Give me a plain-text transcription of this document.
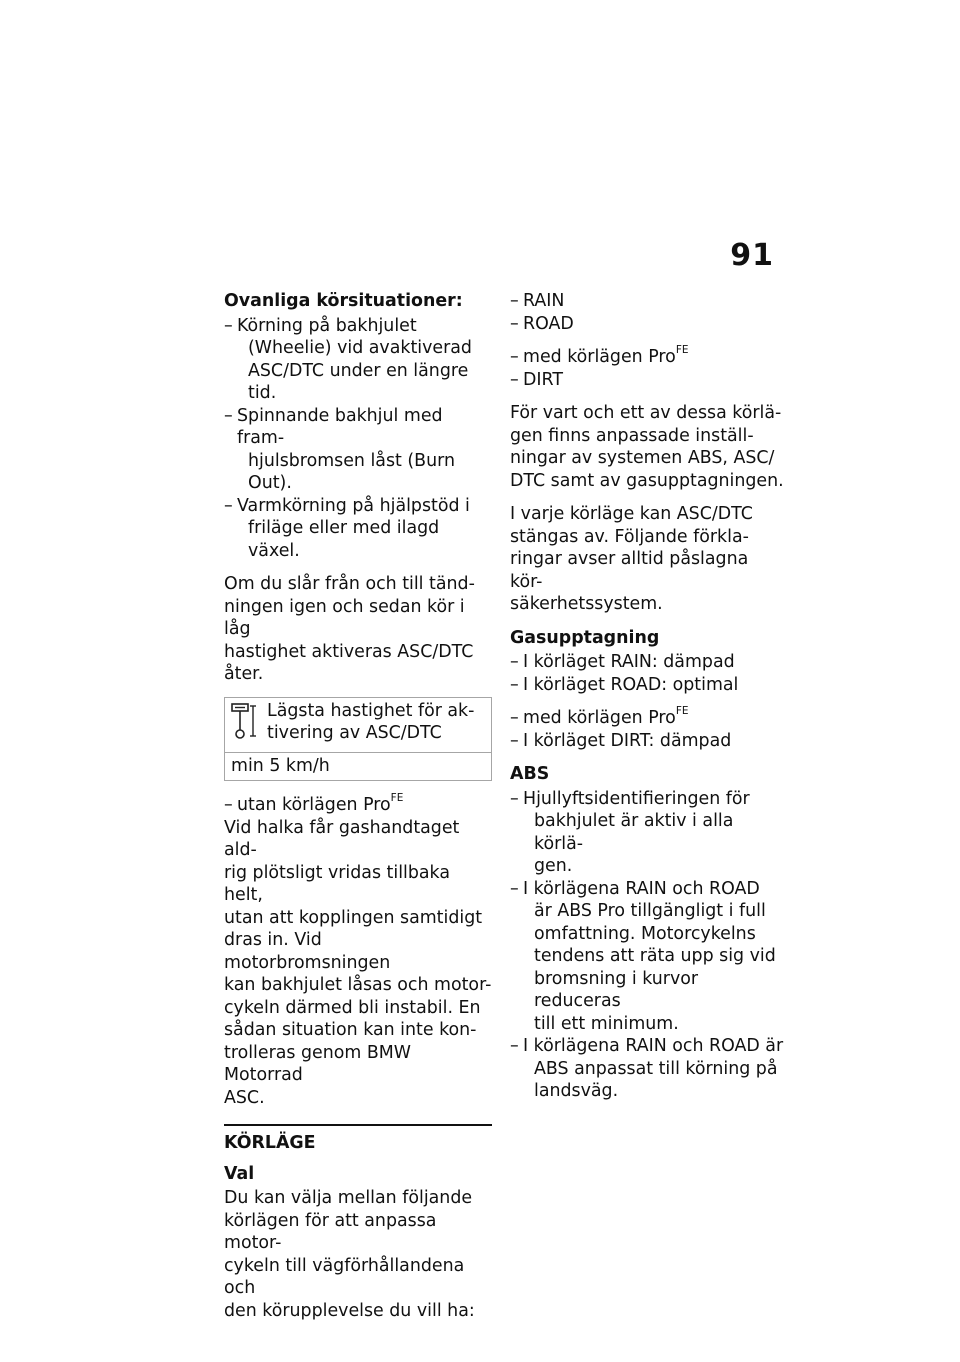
91
Ovanliga körsituationer:
– Körning på bakhjulet
(Wheelie) vid avaktiverad
ASC/DTC under en längre tid.
– Spinnande bakhjul med fram-
hjulsbromsen låst (Burn Out).
– Varmkörning på hjälpstöd i
friläge eller med ilagd växel.

Om du slår från och till tänd-
ningen igen och sedan kör i låg
hastighet aktiveras ASC/DTC
åter.

Lägsta hastighet för ak-
tivering av ASC/DTC
min 5 km/h
– utan körlägen Pro$^{FE}$

Vid halka får gashandtaget ald-
rig plötsligt vridas tillbaka helt,
utan att kopplingen samtidigt
dras in. Vid motorbromsningen
kan bakhjulet låsas och motor-
cykeln därmed bli instabil. En
sådan situation kan inte kon-
trolleras genom BMW Motorrad
ASC.

KÖRLÄGE
Val

Du kan välja mellan följande
körlägen för att anpassa motor-
cykeln till vägförhållandena och
den körupplevelse du vill ha:

– RAIN
– ROAD
– med körlägen Pro$^{FE}$
– DIRT

För vart och ett av dessa körlä-
gen finns anpassade inställ-
ningar av systemen ABS, ASC/
DTC samt av gasupptagningen.

I varje körläge kan ASC/DTC
stängas av. Följande förkla-
ringar avser alltid påslagna kör-
säkerhetssystem.

Gasupptagning
– I körläget RAIN: dämpad
– I körläget ROAD: optimal
– med körlägen Pro$^{FE}$
– I körläget DIRT: dämpad
ABS
– Hjullyftsidentifieringen för
bakhjulet är aktiv i alla körlä-
gen.
– I körlägena RAIN och ROAD
är ABS Pro tillgängligt i full
omfattning. Motorcykelns
tendens att räta upp sig vid
bromsning i kurvor reduceras
till ett minimum.
– I körlägena RAIN och ROAD är
ABS anpassat till körning på
landsväg.
